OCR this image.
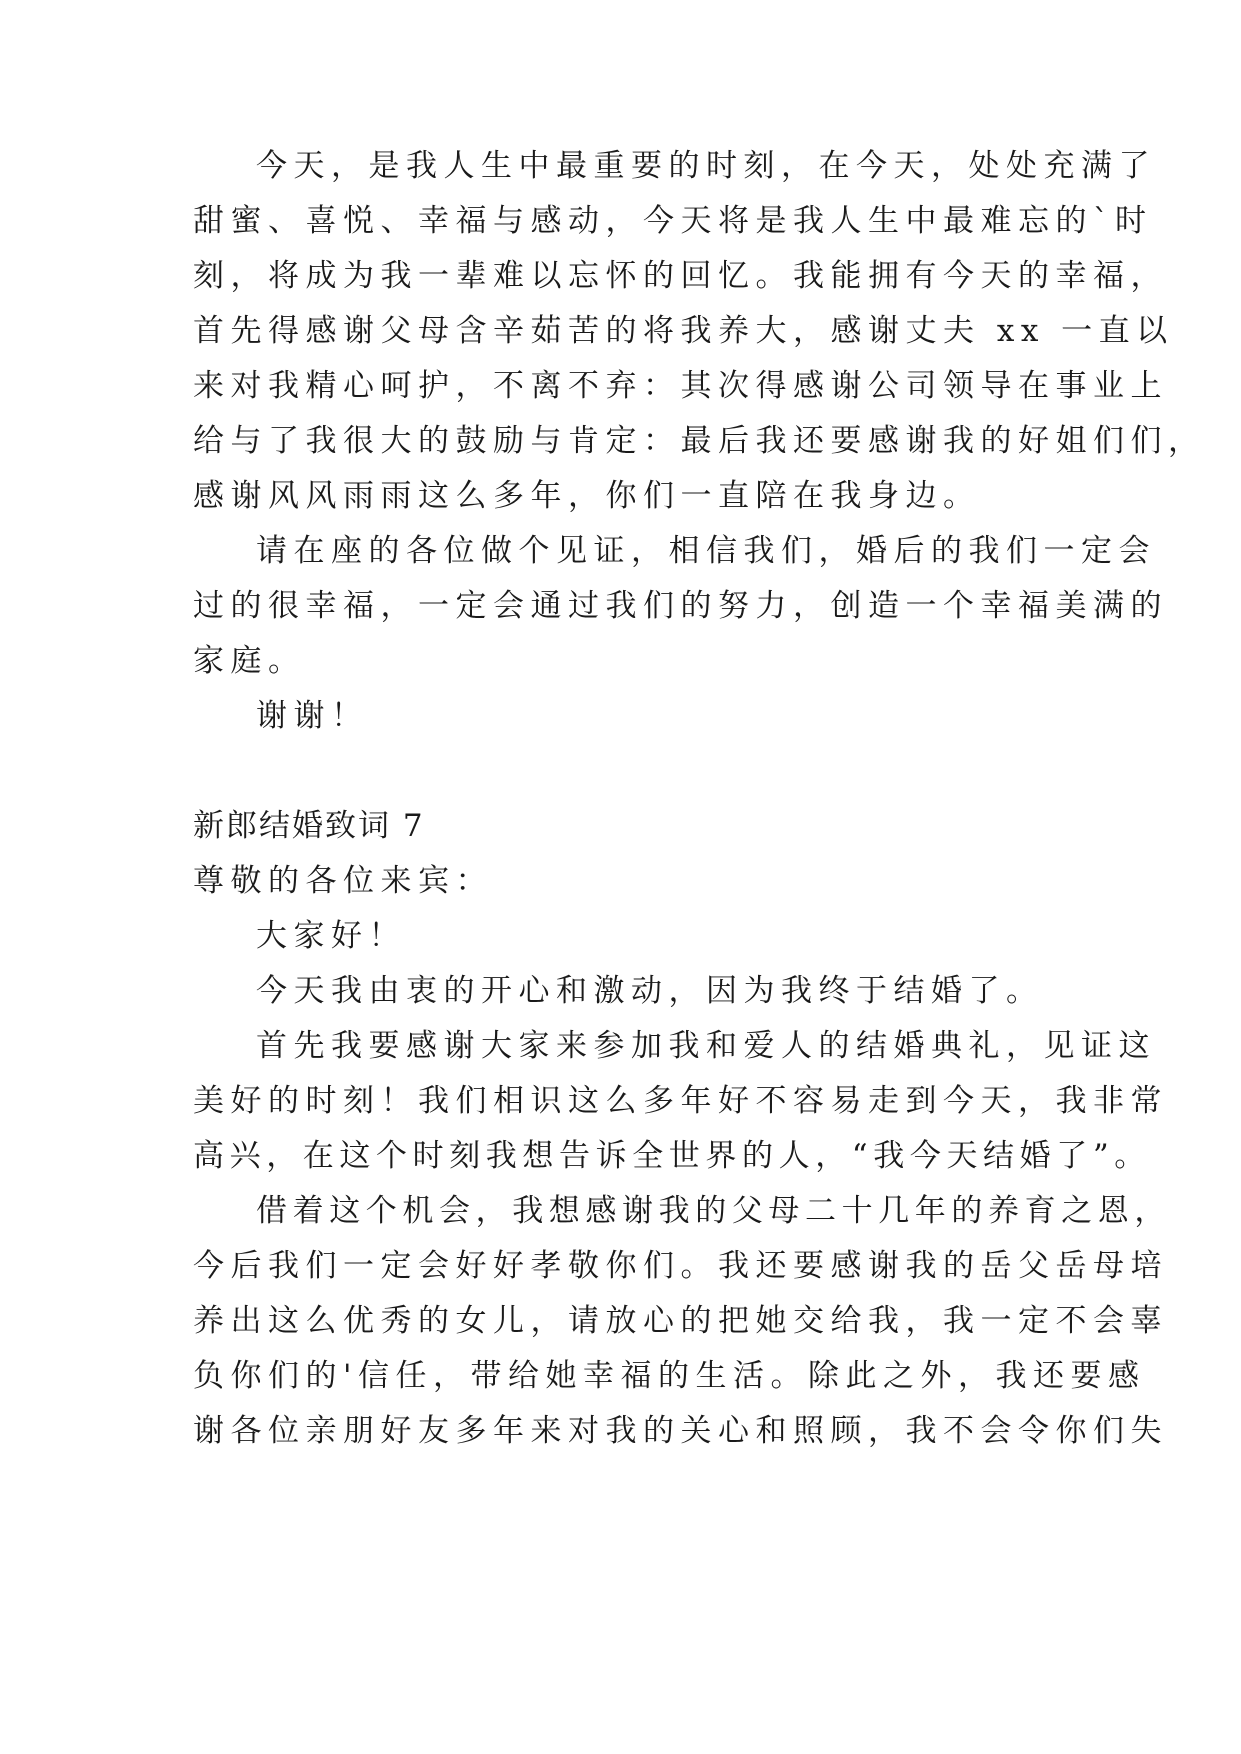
今天，是我人生中最重要的时刻，在今天，处处充满了
甜蜜、喜悦、幸福与感动，今天将是我人生中最难忘的`时
刻，将成为我一辈难以忘怀的回忆。我能拥有今天的幸福，
首先得感谢父母含辛茹苦的将我养大，感谢丈夫 xx 一直以
来对我精心呵护，不离不弃：其次得感谢公司领导在事业上
给与了我很大的鼓励与肯定：最后我还要感谢我的好姐们们，
感谢风风雨雨这么多年，你们一直陪在我身边。
请在座的各位做个见证，相信我们，婚后的我们一定会
过的很幸福，一定会通过我们的努力，创造一个幸福美满的
家庭。
谢谢！
新郎结婚致词 7
尊敬的各位来宾：
大家好！
今天我由衷的开心和激动，因为我终于结婚了。
首先我要感谢大家来参加我和爱人的结婚典礼，见证这
美好的时刻！我们相识这么多年好不容易走到今天，我非常
高兴，在这个时刻我想告诉全世界的人，“我今天结婚了”。
借着这个机会，我想感谢我的父母二十几年的养育之恩，
今后我们一定会好好孝敬你们。我还要感谢我的岳父岳母培
养出这么优秀的女儿，请放心的把她交给我，我一定不会辜
负你们的'信任，带给她幸福的生活。除此之外，我还要感
谢各位亲朋好友多年来对我的关心和照顾，我不会令你们失
